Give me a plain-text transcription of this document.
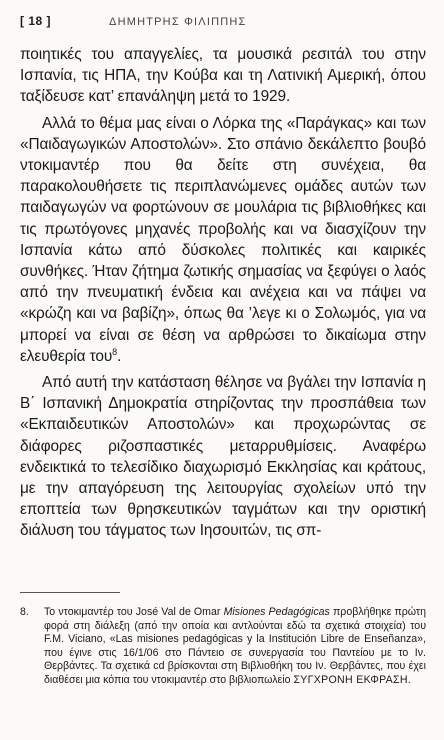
[ 18 ]	ΔΗΜΗΤΡΗΣ ΦΙΛΙΠΠΗΣ

ποιητικές του απαγγελίες, τα μουσικά ρεσιτάλ του στην Ισπανία, τις ΗΠΑ, την Κούβα και τη Λατινική Αμερική, όπου ταξίδευσε κατ’ επανάληψη μετά το 1929.

Αλλά το θέμα μας είναι ο Λόρκα της «Παράγκας» και των «Παιδαγωγικών Αποστολών». Στο σπάνιο δεκάλεπτο βουβό ντοκιμαντέρ που θα δείτε στη συνέχεια, θα παρακολουθήσετε τις περιπλανώμενες ομάδες αυτών των παιδαγωγών να φορτώνουν σε μουλάρια τις βιβλιοθήκες και τις πρωτόγονες μηχανές προβολής και να διασχίζουν την Ισπανία κάτω από δύσκολες πολιτικές και καιρικές συνθήκες. Ήταν ζήτημα ζωτικής σημασίας να ξεφύγει ο λαός από την πνευματική ένδεια και ανέχεια και να πάψει να «κρώζη και να βαβίζη», όπως θα ’λεγε κι ο Σολωμός, για να μπορεί να είναι σε θέση να αρθρώσει το δικαίωμα στην ελευθερία του$^8$.

Από αυτή την κατάσταση θέλησε να βγάλει την Ισπανία η Β΄ Ισπανική Δημοκρατία στηρίζοντας την προσπάθεια των «Εκπαιδευτικών Αποστολών» και προχωρώντας σε διάφορες ριζοσπαστικές μεταρρυθμίσεις. Αναφέρω ενδεικτικά το τελεσίδικο διαχωρισμό Εκκλησίας και κράτους, με την απαγόρευση της λειτουργίας σχολείων υπό την εποπτεία των θρησκευτικών ταγμάτων και την οριστική διάλυση του τάγματος των Ιησουιτών, τις σπ-

8.	Το ντοκιμαντέρ του José Val de Omar Misiones Pedagógicas προβλήθηκε πρώτη φορά στη διάλεξη (από την οποία και αντλούνται εδώ τα σχετικά στοιχεία) του F.M. Viciano, «Las misiones pedagógicas y la Institución Libre de Enseñanza», που έγινε στις 16/1/06 στο Πάντειο σε συνεργασία του Παντείου με το Ιν. Θερβάντες. Τα σχετικά cd βρίσκονται στη Βιβλιοθήκη του Ιν. Θερβάντες, που έχει διαθέσει μια κόπια του ντοκιμαντέρ στο βιβλιοπωλείο ΣΥΓΧΡΟΝΗ ΕΚΦΡΑΣΗ.
